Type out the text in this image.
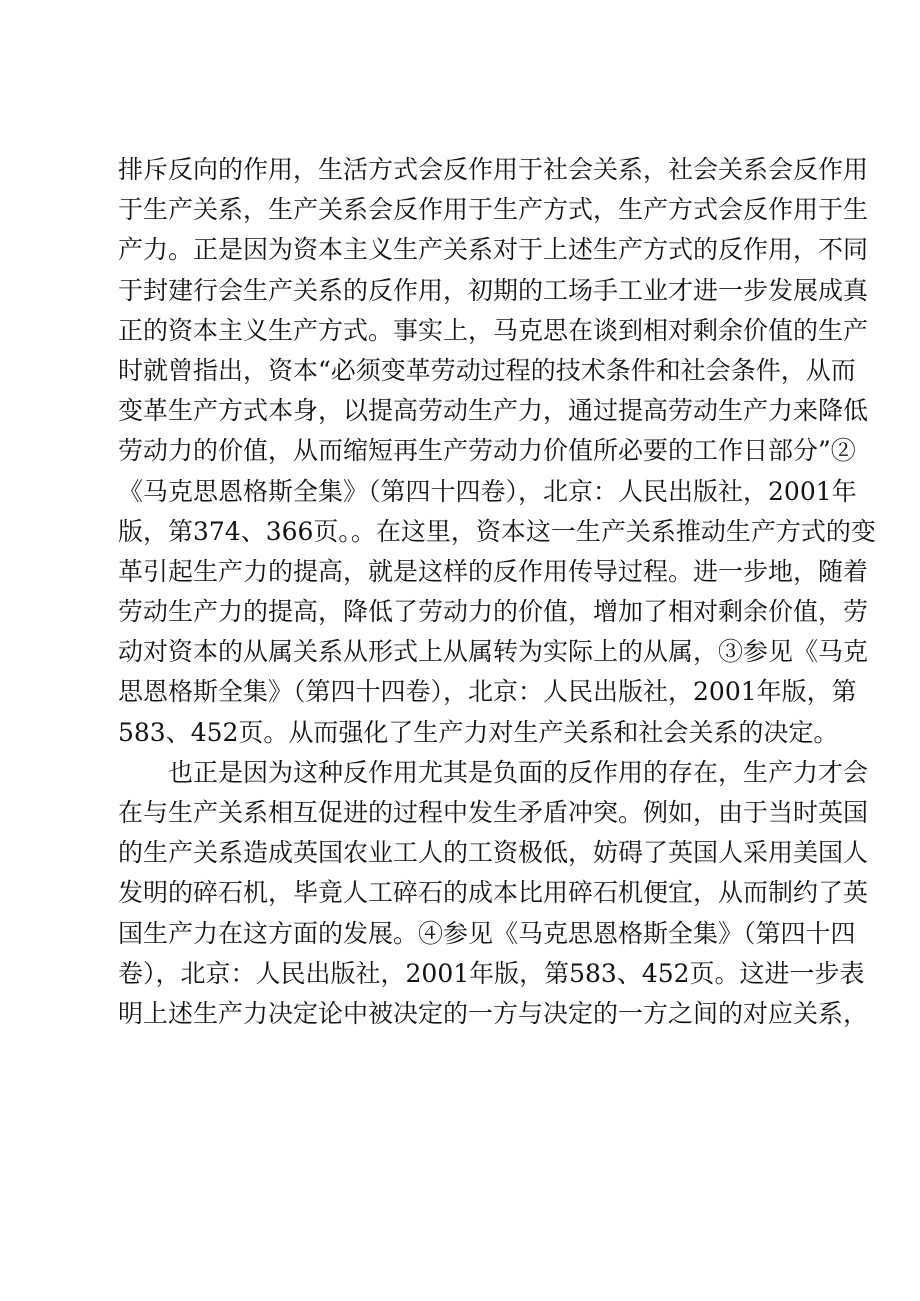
排斥反向的作用，生活方式会反作用于社会关系，社会关系会反作用
于生产关系，生产关系会反作用于生产方式，生产方式会反作用于生
产力。正是因为资本主义生产关系对于上述生产方式的反作用，不同
于封建行会生产关系的反作用，初期的工场手工业才进一步发展成真
正的资本主义生产方式。事实上，马克思在谈到相对剩余价值的生产
时就曾指出，资本“必须变革劳动过程的技术条件和社会条件，从而
变革生产方式本身，以提高劳动生产力，通过提高劳动生产力来降低
劳动力的价值，从而缩短再生产劳动力价值所必要的工作日部分”②
《马克思恩格斯全集》（第四十四卷），北京：人民出版社，2001年
版，第374、366页。。在这里，资本这一生产关系推动生产方式的变
革引起生产力的提高，就是这样的反作用传导过程。进一步地，随着
劳动生产力的提高，降低了劳动力的价值，增加了相对剩余价值，劳
动对资本的从属关系从形式上从属转为实际上的从属，③参见《马克
思恩格斯全集》（第四十四卷），北京：人民出版社，2001年版，第
583、452页。从而强化了生产力对生产关系和社会关系的决定。
也正是因为这种反作用尤其是负面的反作用的存在，生产力才会
在与生产关系相互促进的过程中发生矛盾冲突。例如，由于当时英国
的生产关系造成英国农业工人的工资极低，妨碍了英国人采用美国人
发明的碎石机，毕竟人工碎石的成本比用碎石机便宜，从而制约了英
国生产力在这方面的发展。④参见《马克思恩格斯全集》（第四十四
卷），北京：人民出版社，2001年版，第583、452页。这进一步表
明上述生产力决定论中被决定的一方与决定的一方之间的对应关系，
